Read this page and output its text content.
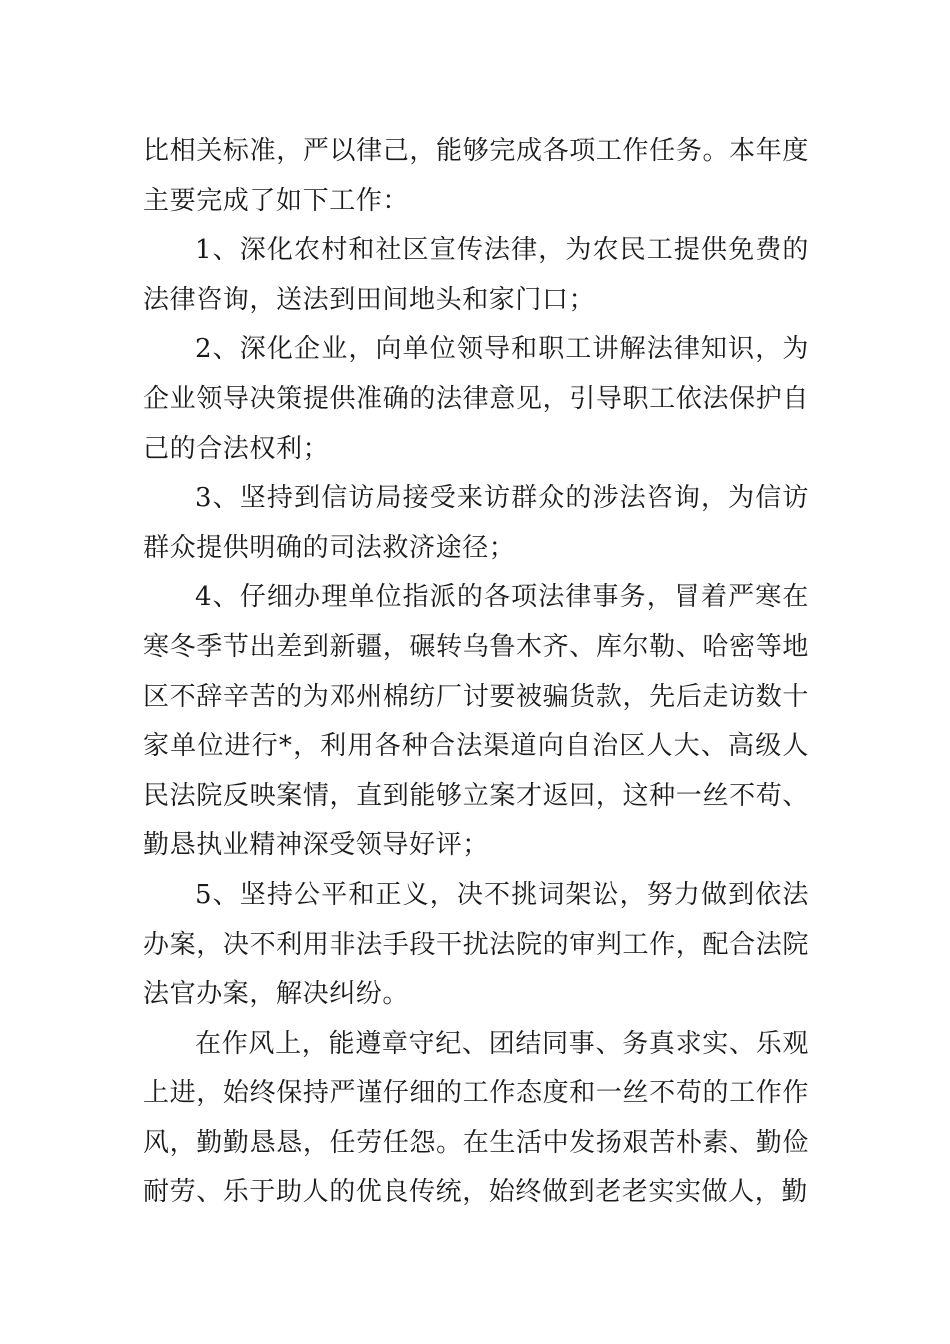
比相关标准，严以律己，能够完成各项工作任务。本年度主要完成了如下工作：

1、深化农村和社区宣传法律，为农民工提供免费的法律咨询，送法到田间地头和家门口；

2、深化企业，向单位领导和职工讲解法律知识，为企业领导决策提供准确的法律意见，引导职工依法保护自己的合法权利；

3、坚持到信访局接受来访群众的涉法咨询，为信访群众提供明确的司法救济途径；

4、仔细办理单位指派的各项法律事务，冒着严寒在寒冬季节出差到新疆，碾转乌鲁木齐、库尔勒、哈密等地区不辞辛苦的为邓州棉纺厂讨要被骗货款，先后走访数十家单位进行*，利用各种合法渠道向自治区人大、高级人民法院反映案情，直到能够立案才返回，这种一丝不苟、勤恳执业精神深受领导好评；

5、坚持公平和正义，决不挑词架讼，努力做到依法办案，决不利用非法手段干扰法院的审判工作，配合法院法官办案，解决纠纷。

在作风上，能遵章守纪、团结同事、务真求实、乐观上进，始终保持严谨仔细的工作态度和一丝不苟的工作作风，勤勤恳恳，任劳任怨。在生活中发扬艰苦朴素、勤俭耐劳、乐于助人的优良传统，始终做到老老实实做人，勤
